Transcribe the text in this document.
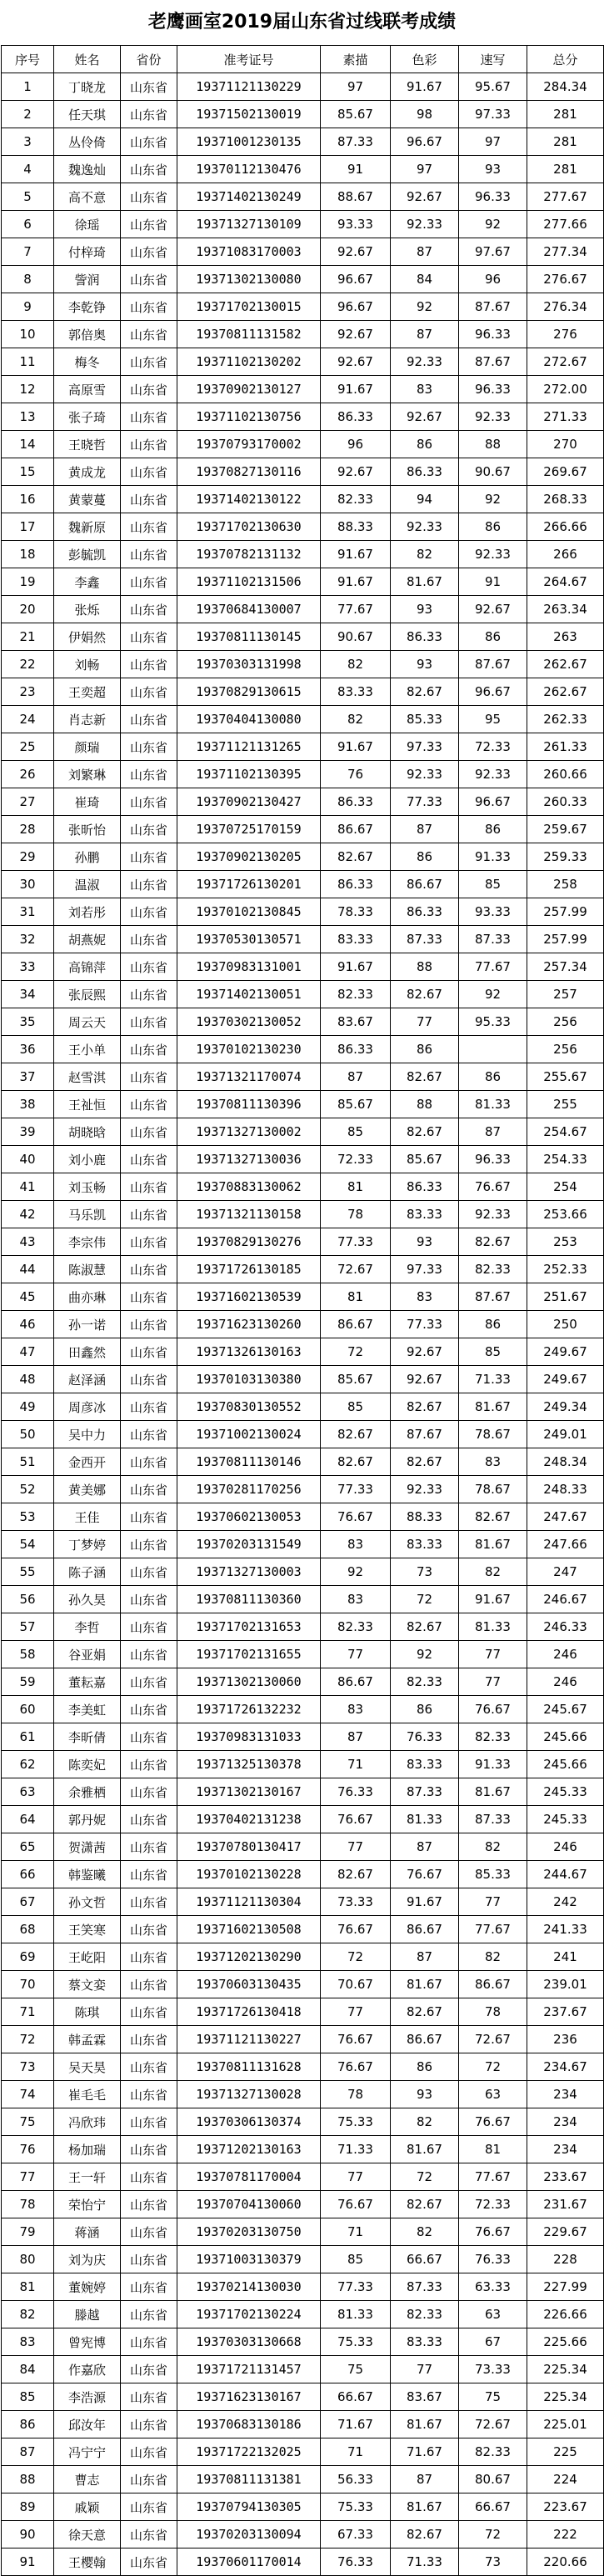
老鹰画室2019届山东省过线联考成绩
序号	姓名	省份	准考证号	素描	色彩	速写	总分
1	丁晓龙	山东省	19371121130229	97	91.67	95.67	284.34
2	任天琪	山东省	19371502130019	85.67	98	97.33	281
3	丛伶倚	山东省	19371001230135	87.33	96.67	97	281
4	魏逸灿	山东省	19370112130476	91	97	93	281
5	高不意	山东省	19371402130249	88.67	92.67	96.33	277.67
6	徐瑶	山东省	19371327130109	93.33	92.33	92	277.66
7	付梓琦	山东省	19371083170003	92.67	87	97.67	277.34
8	訾润	山东省	19371302130080	96.67	84	96	276.67
9	李乾铮	山东省	19371702130015	96.67	92	87.67	276.34
10	郭倍奥	山东省	19370811131582	92.67	87	96.33	276
11	梅冬	山东省	19371102130202	92.67	92.33	87.67	272.67
12	高原雪	山东省	19370902130127	91.67	83	96.33	272.00
13	张子琦	山东省	19371102130756	86.33	92.67	92.33	271.33
14	王晓哲	山东省	19370793170002	96	86	88	270
15	黄成龙	山东省	19370827130116	92.67	86.33	90.67	269.67
16	黄蒙蔓	山东省	19371402130122	82.33	94	92	268.33
17	魏新原	山东省	19371702130630	88.33	92.33	86	266.66
18	彭毓凯	山东省	19370782131132	91.67	82	92.33	266
19	李鑫	山东省	19371102131506	91.67	81.67	91	264.67
20	张烁	山东省	19370684130007	77.67	93	92.67	263.34
21	伊娟然	山东省	19370811130145	90.67	86.33	86	263
22	刘畅	山东省	19370303131998	82	93	87.67	262.67
23	王奕超	山东省	19370829130615	83.33	82.67	96.67	262.67
24	肖志新	山东省	19370404130080	82	85.33	95	262.33
25	颜瑞	山东省	19371121131265	91.67	97.33	72.33	261.33
26	刘繁琳	山东省	19371102130395	76	92.33	92.33	260.66
27	崔琦	山东省	19370902130427	86.33	77.33	96.67	260.33
28	张昕怡	山东省	19370725170159	86.67	87	86	259.67
29	孙鹏	山东省	19370902130205	82.67	86	91.33	259.33
30	温淑	山东省	19371726130201	86.33	86.67	85	258
31	刘若彤	山东省	19370102130845	78.33	86.33	93.33	257.99
32	胡燕妮	山东省	19370530130571	83.33	87.33	87.33	257.99
33	高锦萍	山东省	19370983131001	91.67	88	77.67	257.34
34	张辰熙	山东省	19371402130051	82.33	82.67	92	257
35	周云天	山东省	19370302130052	83.67	77	95.33	256
36	王小单	山东省	19370102130230	86.33	86		256
37	赵雪淇	山东省	19371321170074	87	82.67	86	255.67
38	王祉恒	山东省	19370811130396	85.67	88	81.33	255
39	胡晓晗	山东省	19371327130002	85	82.67	87	254.67
40	刘小鹿	山东省	19371327130036	72.33	85.67	96.33	254.33
41	刘玉畅	山东省	19370883130062	81	86.33	76.67	254
42	马乐凯	山东省	19371321130158	78	83.33	92.33	253.66
43	李宗伟	山东省	19370829130276	77.33	93	82.67	253
44	陈淑慧	山东省	19371726130185	72.67	97.33	82.33	252.33
45	曲亦琳	山东省	19371602130539	81	83	87.67	251.67
46	孙一诺	山东省	19371623130260	86.67	77.33	86	250
47	田鑫然	山东省	19371326130163	72	92.67	85	249.67
48	赵泽涵	山东省	19370103130380	85.67	92.67	71.33	249.67
49	周彦冰	山东省	19370830130552	85	82.67	81.67	249.34
50	吴中力	山东省	19371002130024	82.67	87.67	78.67	249.01
51	金西开	山东省	19370811130146	82.67	82.67	83	248.34
52	黄美娜	山东省	19370281170256	77.33	92.33	78.67	248.33
53	王佳	山东省	19370602130053	76.67	88.33	82.67	247.67
54	丁梦婷	山东省	19370203131549	83	83.33	81.67	247.66
55	陈子涵	山东省	19371327130003	92	73	82	247
56	孙久昊	山东省	19370811130360	83	72	91.67	246.67
57	李哲	山东省	19371702131653	82.33	82.67	81.33	246.33
58	谷亚娟	山东省	19371702131655	77	92	77	246
59	董耘嘉	山东省	19371302130060	86.67	82.33	77	246
60	李美虹	山东省	19371726132232	83	86	76.67	245.67
61	李昕倩	山东省	19370983131033	87	76.33	82.33	245.66
62	陈奕妃	山东省	19371325130378	71	83.33	91.33	245.66
63	余雅栖	山东省	19371302130167	76.33	87.33	81.67	245.33
64	郭丹妮	山东省	19370402131238	76.67	81.33	87.33	245.33
65	贺潇茜	山东省	19370780130417	77	87	82	246
66	韩鉴曦	山东省	19370102130228	82.67	76.67	85.33	244.67
67	孙文哲	山东省	19371121130304	73.33	91.67	77	242
68	王笑寒	山东省	19371602130508	76.67	86.67	77.67	241.33
69	王屹阳	山东省	19371202130290	72	87	82	241
70	蔡文娈	山东省	19370603130435	70.67	81.67	86.67	239.01
71	陈琪	山东省	19371726130418	77	82.67	78	237.67
72	韩孟霖	山东省	19371121130227	76.67	86.67	72.67	236
73	吴天昊	山东省	19370811131628	76.67	86	72	234.67
74	崔毛毛	山东省	19371327130028	78	93	63	234
75	冯欣玮	山东省	19370306130374	75.33	82	76.67	234
76	杨加瑞	山东省	19371202130163	71.33	81.67	81	234
77	王一轩	山东省	19370781170004	77	72	77.67	233.67
78	荣怡宁	山东省	19370704130060	76.67	82.67	72.33	231.67
79	蒋涵	山东省	19370203130750	71	82	76.67	229.67
80	刘为庆	山东省	19371003130379	85	66.67	76.33	228
81	董婉婷	山东省	19370214130030	77.33	87.33	63.33	227.99
82	滕越	山东省	19371702130224	81.33	82.33	63	226.66
83	曾宪博	山东省	19370303130668	75.33	83.33	67	225.66
84	作嘉欣	山东省	19371721131457	75	77	73.33	225.34
85	李浩源	山东省	19371623130167	66.67	83.67	75	225.34
86	邱汝年	山东省	19370683130186	71.67	81.67	72.67	225.01
87	冯宁宁	山东省	19371722132025	71	71.67	82.33	225
88	曹志	山东省	19370811131381	56.33	87	80.67	224
89	戚颖	山东省	19370794130305	75.33	81.67	66.67	223.67
90	徐天意	山东省	19370203130094	67.33	82.67	72	222
91	王樱翰	山东省	19370601170014	76.33	71.33	73	220.66
